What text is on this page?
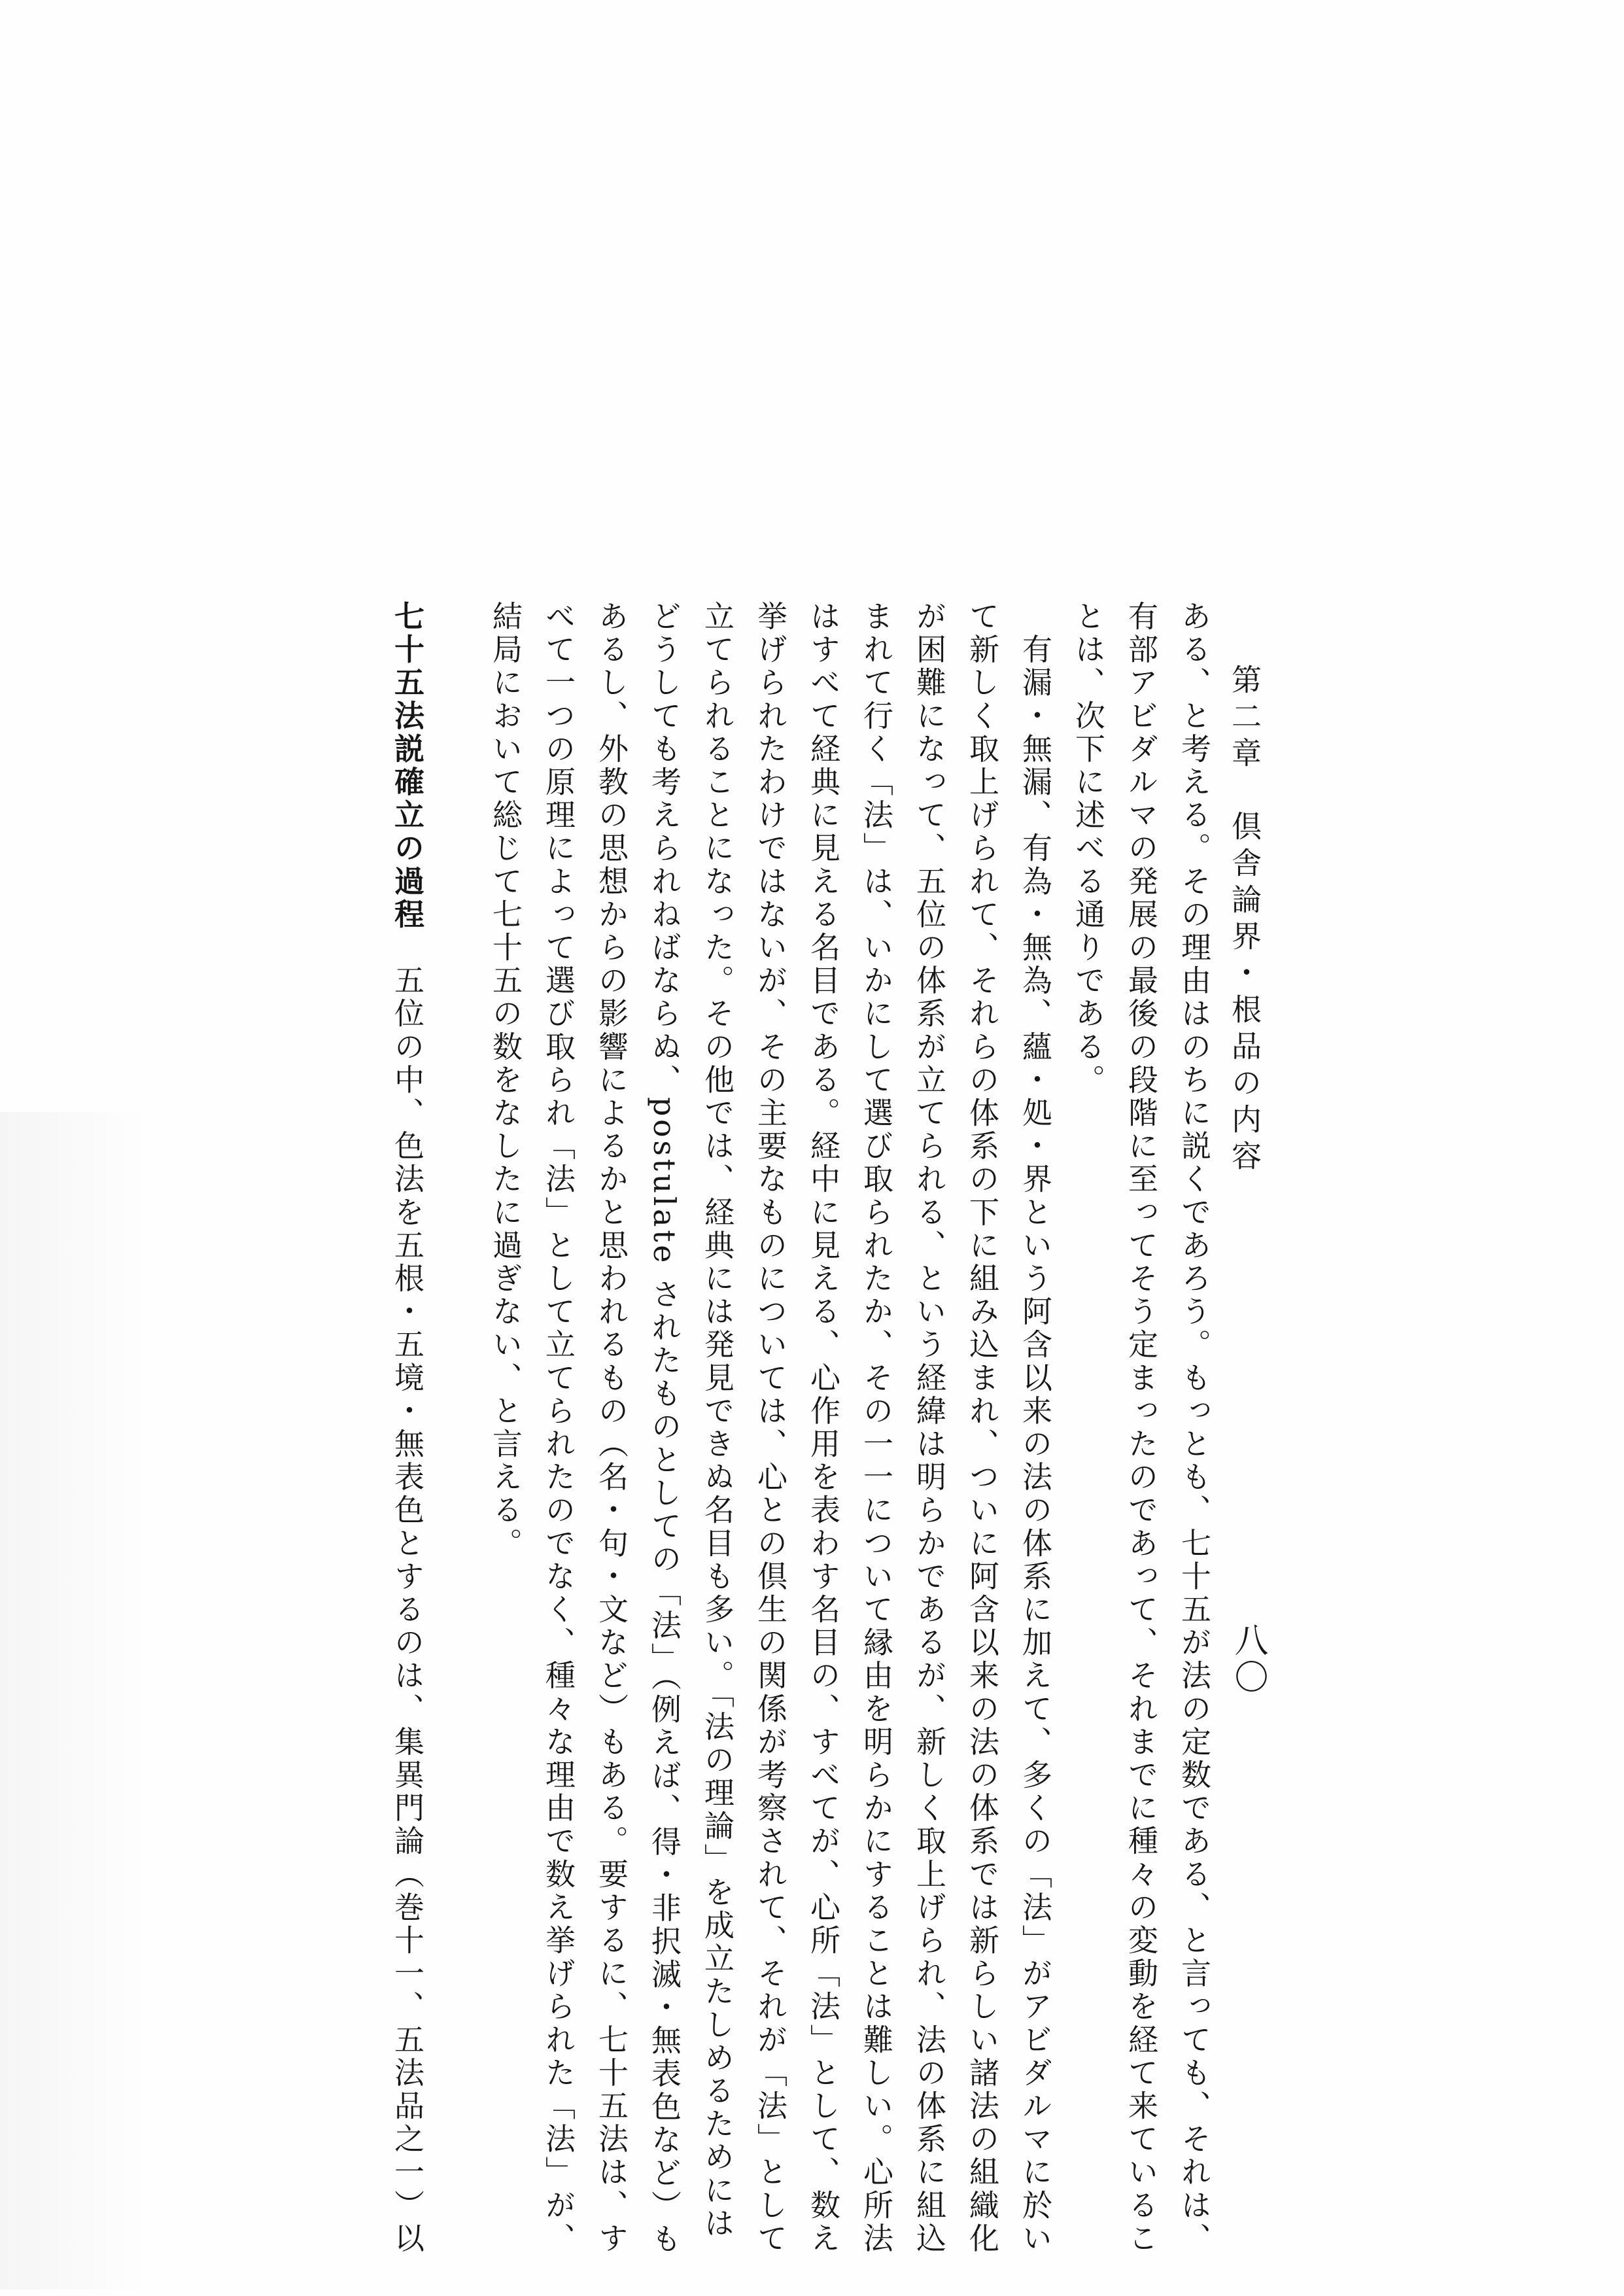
第二章　倶舎論界・根品の内容
八〇
ある、と考える。その理由はのちに説くであろう。もっとも、七十五が法の定数である、と言っても、それは、
有部アビダルマの発展の最後の段階に至ってそう定まったのであって、それまでに種々の変動を経て来ているこ
とは、次下に述べる通りである。
　有漏・無漏、有為・無為、蘊・処・界という阿含以来の法の体系に加えて、多くの「法」がアビダルマに於い
て新しく取上げられて、それらの体系の下に組み込まれ、ついに阿含以来の法の体系では新らしい諸法の組織化
が困難になって、五位の体系が立てられる、という経緯は明らかであるが、新しく取上げられ、法の体系に組込
まれて行く「法」は、いかにして選び取られたか、その一一について縁由を明らかにすることは難しい。心所法
はすべて経典に見える名目である。経中に見える、心作用を表わす名目の、すべてが、心所「法」として、数え
挙げられたわけではないが、その主要なものについては、心との倶生の関係が考察されて、それが「法」として
立てられることになった。その他では、経典には発見できぬ名目も多い。「法の理論」を成立たしめるためには
どうしても考えられねばならぬ、postulate されたものとしての「法」（例えば、得・非択滅・無表色など）も
あるし、外教の思想からの影響によるかと思われるもの（名・句・文など）もある。要するに、七十五法は、す
べて一つの原理によって選び取られ「法」として立てられたのでなく、種々な理由で数え挙げられた「法」が、
結局において総じて七十五の数をなしたに過ぎない、と言える。
七十五法説確立の過程　五位の中、色法を五根・五境・無表色とするのは、集異門論（巻十一、五法品之一）以
